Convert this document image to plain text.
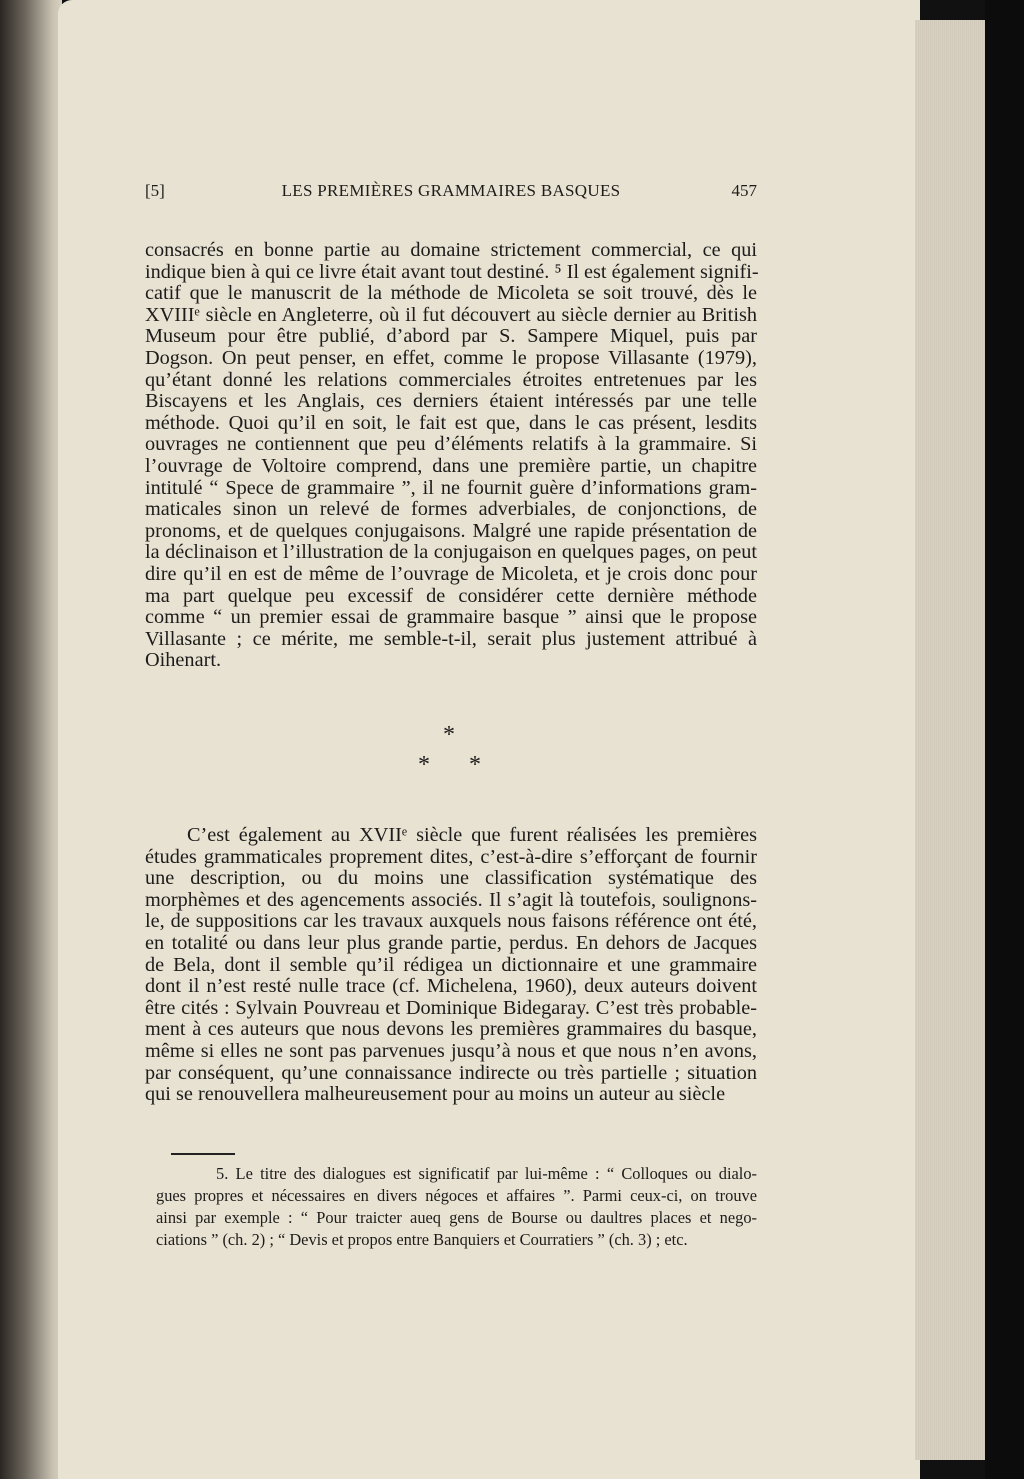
[5]	LES PREMIÈRES GRAMMAIRES BASQUES	457
consacrés en bonne partie au domaine strictement commercial, ce qui
indique bien à qui ce livre était avant tout destiné. ⁵ Il est également signifi-
catif que le manuscrit de la méthode de Micoleta se soit trouvé, dès le
XVIIIᵉ siècle en Angleterre, où il fut découvert au siècle dernier au British
Museum pour être publié, d’abord par S. Sampere Miquel, puis par
Dogson. On peut penser, en effet, comme le propose Villasante (1979),
qu’étant donné les relations commerciales étroites entretenues par les
Biscayens et les Anglais, ces derniers étaient intéressés par une telle
méthode. Quoi qu’il en soit, le fait est que, dans le cas présent, lesdits
ouvrages ne contiennent que peu d’éléments relatifs à la grammaire. Si
l’ouvrage de Voltoire comprend, dans une première partie, un chapitre
intitulé “ Spece de grammaire ”, il ne fournit guère d’informations gram-
maticales sinon un relevé de formes adverbiales, de conjonctions, de
pronoms, et de quelques conjugaisons. Malgré une rapide présentation de
la déclinaison et l’illustration de la conjugaison en quelques pages, on peut
dire qu’il en est de même de l’ouvrage de Micoleta, et je crois donc pour
ma part quelque peu excessif de considérer cette dernière méthode
comme “ un premier essai de grammaire basque ” ainsi que le propose
Villasante ; ce mérite, me semble-t-il, serait plus justement attribué à
Oihenart.
*
* *
C’est également au XVIIᵉ siècle que furent réalisées les premières
études grammaticales proprement dites, c’est-à-dire s’efforçant de fournir
une description, ou du moins une classification systématique des
morphèmes et des agencements associés. Il s’agit là toutefois, soulignons-
le, de suppositions car les travaux auxquels nous faisons référence ont été,
en totalité ou dans leur plus grande partie, perdus. En dehors de Jacques
de Bela, dont il semble qu’il rédigea un dictionnaire et une grammaire
dont il n’est resté nulle trace (cf. Michelena, 1960), deux auteurs doivent
être cités : Sylvain Pouvreau et Dominique Bidegaray. C’est très probable-
ment à ces auteurs que nous devons les premières grammaires du basque,
même si elles ne sont pas parvenues jusqu’à nous et que nous n’en avons,
par conséquent, qu’une connaissance indirecte ou très partielle ; situation
qui se renouvellera malheureusement pour au moins un auteur au siècle
5. Le titre des dialogues est significatif par lui-même : “ Colloques ou dialo-
gues propres et nécessaires en divers négoces et affaires ”. Parmi ceux-ci, on trouve
ainsi par exemple : “ Pour traicter aueq gens de Bourse ou daultres places et nego-
ciations ” (ch. 2) ; “ Devis et propos entre Banquiers et Courratiers ” (ch. 3) ; etc.
